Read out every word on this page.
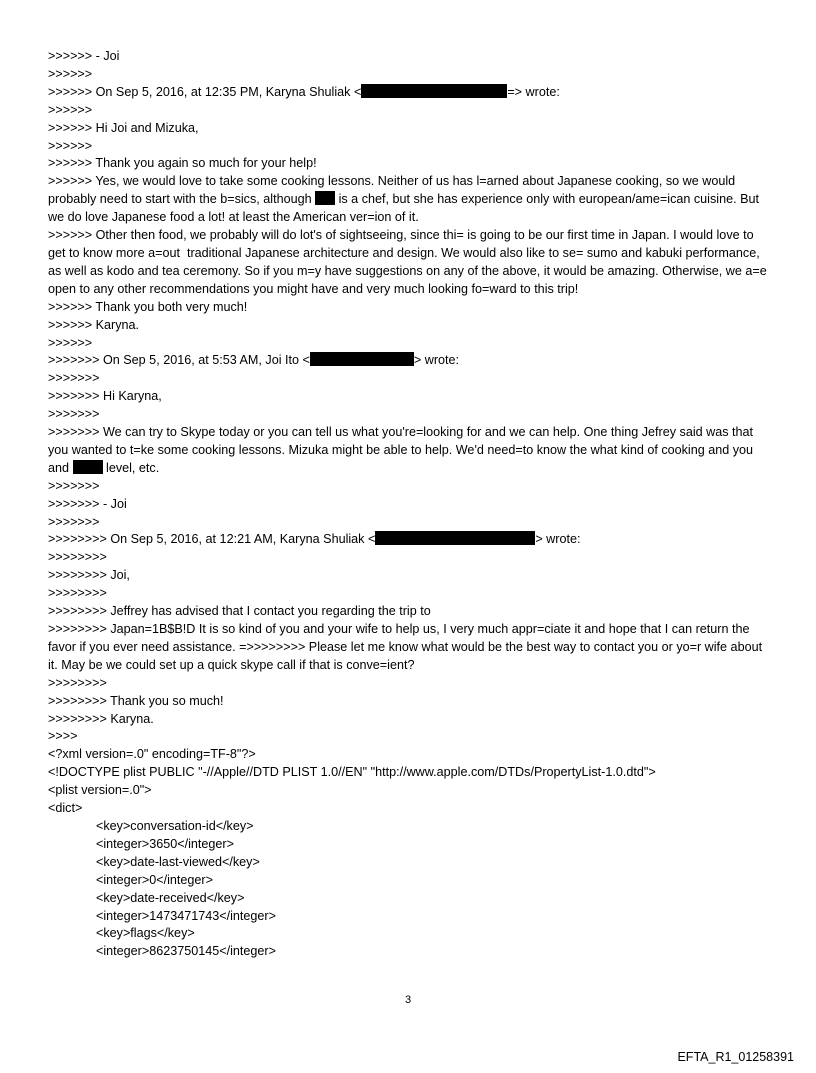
>>>>>> - Joi
>>>>>>
>>>>>> On Sep 5, 2016, at 12:35 PM, Karyna Shuliak <	=> wrote:
>>>>>>
>>>>>> Hi Joi and Mizuka,
>>>>>>
>>>>>> Thank you again so much for your help!
>>>>>> Yes, we would love to take some cooking lessons. Neither of us has l=arned about Japanese cooking, so we would probably need to start with the b=sics, although  is a chef, but she has experience only with european/ame=ican cuisine. But we do love Japanese food a lot! at least the American ver=ion of it.
>>>>>> Other then food, we probably will do lot's of sightseeing, since thi= is going to be our first time in Japan. I would love to get to know more a=out  traditional Japanese architecture and design. We would also like to se= sumo and kabuki performance, as well as kodo and tea ceremony. So if you m=y have suggestions on any of the above, it would be amazing. Otherwise, we a=e open to any other recommendations you might have and very much looking fo=ward to this trip!
>>>>>> Thank you both very much!
>>>>>> Karyna.
>>>>>>
>>>>>>> On Sep 5, 2016, at 5:53 AM, Joi Ito <	> wrote:
>>>>>>>
>>>>>>> Hi Karyna,
>>>>>>>
>>>>>>> We can try to Skype today or you can tell us what you're=looking for and we can help. One thing Jefrey said was that you wanted to t=ke some cooking lessons. Mizuka might be able to help. We'd need=to know the what kind of cooking and you and  level, etc.
>>>>>>>
>>>>>>> - Joi
>>>>>>>
>>>>>>>> On Sep 5, 2016, at 12:21 AM, Karyna Shuliak <	> wrote:
>>>>>>>>
>>>>>>>> Joi,
>>>>>>>>
>>>>>>>> Jeffrey has advised that I contact you regarding the trip to
>>>>>>>> Japan=1B$B!D It is so kind of you and your wife to help us, I very much appr=ciate it and hope that I can return the favor if you ever need assistance. =>>>>>>>> Please let me know what would be the best way to contact you or yo=r wife about it. May be we could set up a quick skype call if that is conve=ient?
>>>>>>>>
>>>>>>>> Thank you so much!
>>>>>>>> Karyna.
>>>>
<?xml version=.0" encoding=TF-8"?>
<!DOCTYPE plist PUBLIC "-//Apple//DTD PLIST 1.0//EN" "http://www.apple.com/DTDs/PropertyList-1.0.dtd">
<plist version=.0">
<dict>
<key>conversation-id</key>
<integer>3650</integer>
<key>date-last-viewed</key>
<integer>0</integer>
<key>date-received</key>
<integer>1473471743</integer>
<key>flags</key>
<integer>8623750145</integer>
3
EFTA_R1_01258391
